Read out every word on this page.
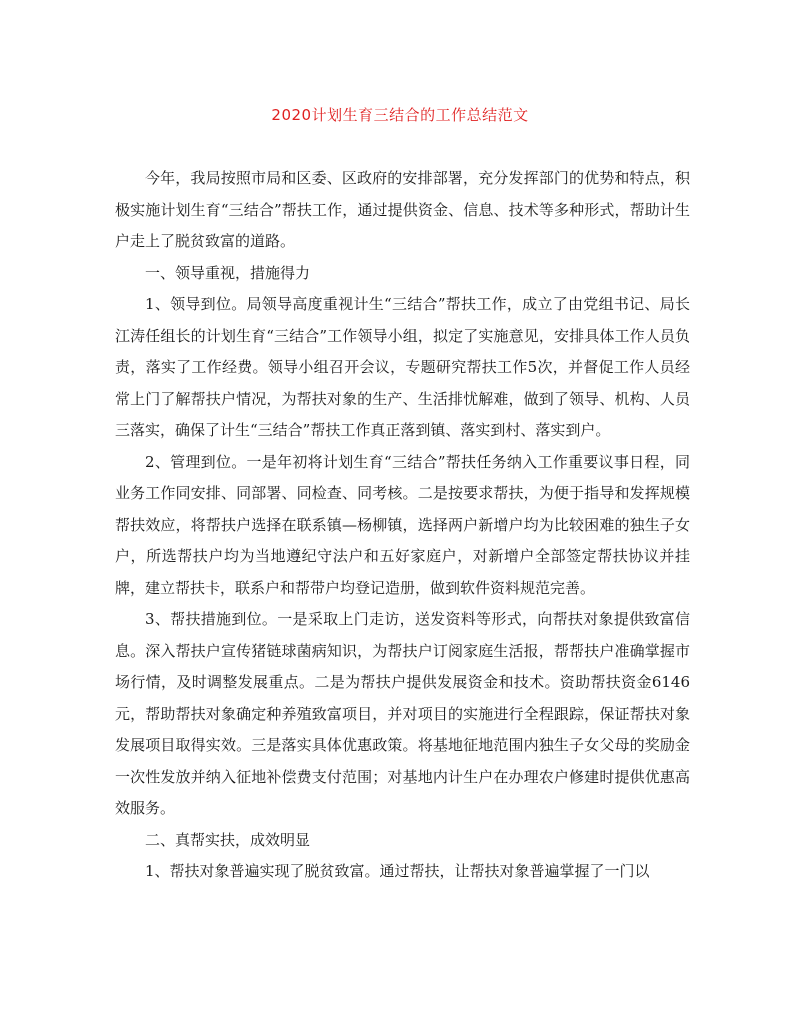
2020计划生育三结合的工作总结范文

今年，我局按照市局和区委、区政府的安排部署，充分发挥部门的优势和特点，积极实施计划生育“三结合”帮扶工作，通过提供资金、信息、技术等多种形式，帮助计生户走上了脱贫致富的道路。

一、领导重视，措施得力

1、领导到位。局领导高度重视计生“三结合”帮扶工作，成立了由党组书记、局长江涛任组长的计划生育“三结合”工作领导小组，拟定了实施意见，安排具体工作人员负责，落实了工作经费。领导小组召开会议，专题研究帮扶工作5次，并督促工作人员经常上门了解帮扶户情况，为帮扶对象的生产、生活排忧解难，做到了领导、机构、人员三落实，确保了计生“三结合”帮扶工作真正落到镇、落实到村、落实到户。

2、管理到位。一是年初将计划生育“三结合”帮扶任务纳入工作重要议事日程，同业务工作同安排、同部署、同检查、同考核。二是按要求帮扶，为便于指导和发挥规模帮扶效应，将帮扶户选择在联系镇—杨柳镇，选择两户新增户均为比较困难的独生子女户，所选帮扶户均为当地遵纪守法户和五好家庭户，对新增户全部签定帮扶协议并挂牌，建立帮扶卡，联系户和帮带户均登记造册，做到软件资料规范完善。

3、帮扶措施到位。一是采取上门走访，送发资料等形式，向帮扶对象提供致富信息。深入帮扶户宣传猪链球菌病知识，为帮扶户订阅家庭生活报，帮帮扶户准确掌握市场行情，及时调整发展重点。二是为帮扶户提供发展资金和技术。资助帮扶资金6146元，帮助帮扶对象确定种养殖致富项目，并对项目的实施进行全程跟踪，保证帮扶对象发展项目取得实效。三是落实具体优惠政策。将基地征地范围内独生子女父母的奖励金一次性发放并纳入征地补偿费支付范围；对基地内计生户在办理农户修建时提供优惠高效服务。

二、真帮实扶，成效明显

1、帮扶对象普遍实现了脱贫致富。通过帮扶，让帮扶对象普遍掌握了一门以
